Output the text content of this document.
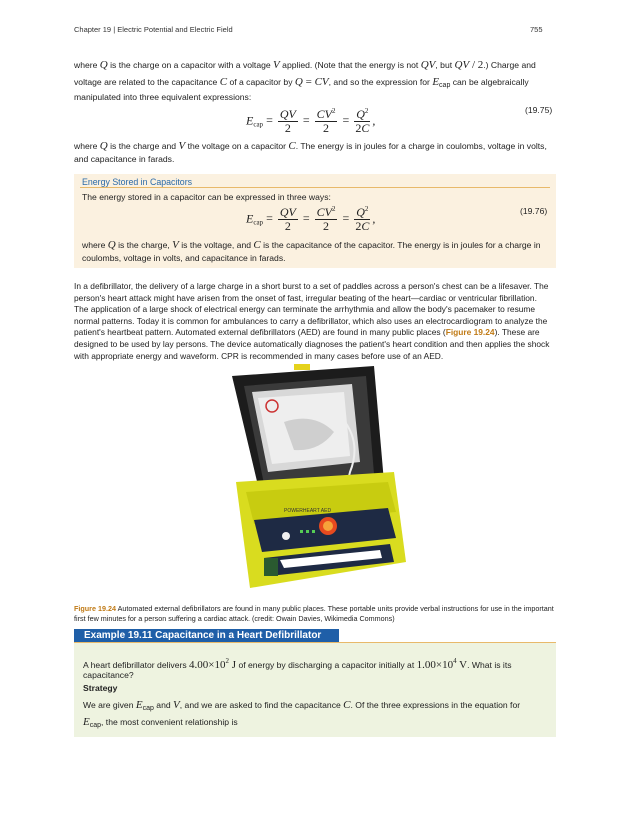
Chapter 19 | Electric Potential and Electric Field	755
where Q is the charge on a capacitor with a voltage V applied. (Note that the energy is not QV, but QV / 2.) Charge and
voltage are related to the capacitance C of a capacitor by Q = CV, and so the expression for $E_{cap}$ can be algebraically
manipulated into three equivalent expressions:
$E_{cap} = \frac{QV}{2} = \frac{CV^2}{2} = \frac{Q^2}{2C}$ ,
(19.75)
where Q is the charge and V the voltage on a capacitor C. The energy is in joules for a charge in coulombs, voltage in volts,
and capacitance in farads.
Energy Stored in Capacitors
The energy stored in a capacitor can be expressed in three ways:
$E_{cap} = \frac{QV}{2} = \frac{CV^2}{2} = \frac{Q^2}{2C}$ ,
(19.76)
where Q is the charge, V is the voltage, and C is the capacitance of the capacitor. The energy is in joules for a charge in
coulombs, voltage in volts, and capacitance in farads.
In a defibrillator, the delivery of a large charge in a short burst to a set of paddles across a person's chest can be a lifesaver. The
person's heart attack might have arisen from the onset of fast, irregular beating of the heart—cardiac or ventricular fibrillation.
The application of a large shock of electrical energy can terminate the arrhythmia and allow the body's pacemaker to resume
normal patterns. Today it is common for ambulances to carry a defibrillator, which also uses an electrocardiogram to analyze the
patient's heartbeat pattern. Automated external defibrillators (AED) are found in many public places (Figure 19.24). These are
designed to be used by lay persons. The device automatically diagnoses the patient's heart condition and then applies the shock
with appropriate energy and waveform. CPR is recommended in many cases before use of an AED.
POWERHEART AED
Figure 19.24 Automated external defibrillators are found in many public places. These portable units provide verbal instructions for use in the important
first few minutes for a person suffering a cardiac attack. (credit: Owain Davies, Wikimedia Commons)
Example 19.11 Capacitance in a Heart Defibrillator
A heart defibrillator delivers $4.00\times 10^2$ J of energy by discharging a capacitor initially at $1.00\times 10^4$ V. What is its
capacitance?
Strategy
We are given $E_{cap}$ and V, and we are asked to find the capacitance C. Of the three expressions in the equation for
$E_{cap}$, the most convenient relationship is
